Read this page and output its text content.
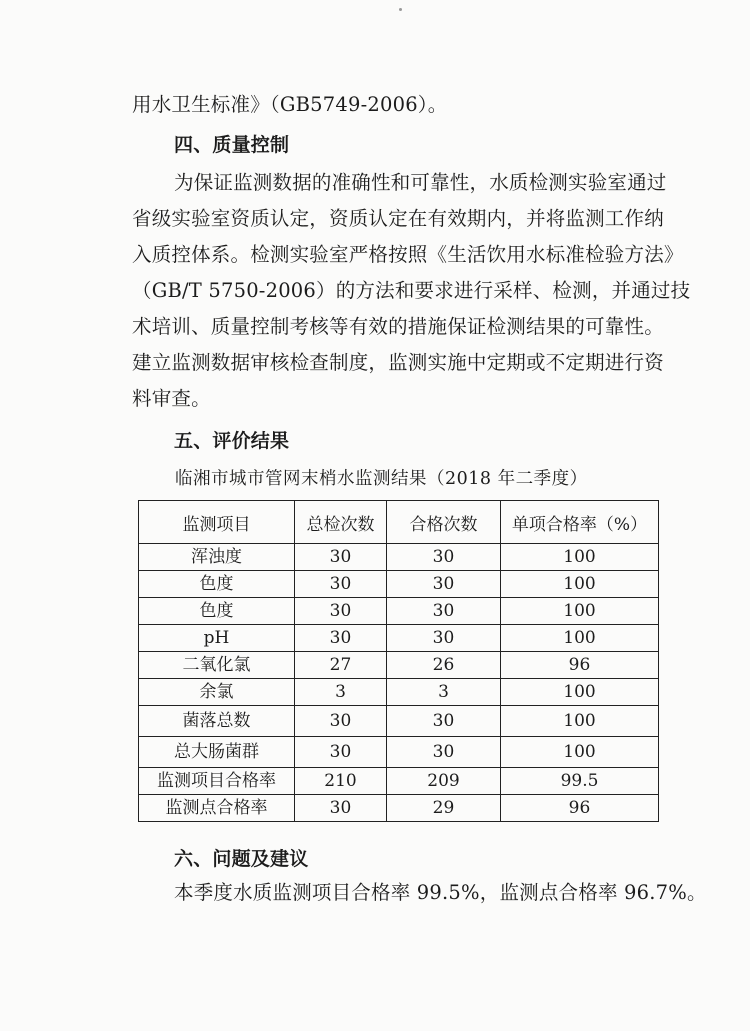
用水卫生标准》（GB5749-2006）。
四、质量控制
为保证监测数据的准确性和可靠性，水质检测实验室通过
省级实验室资质认定，资质认定在有效期内，并将监测工作纳
入质控体系。检测实验室严格按照《生活饮用水标准检验方法》
（GB/T 5750-2006）的方法和要求进行采样、检测，并通过技
术培训、质量控制考核等有效的措施保证检测结果的可靠性。
建立监测数据审核检查制度，监测实施中定期或不定期进行资
料审查。
五、评价结果
临湘市城市管网末梢水监测结果（2018 年二季度）
监测项目	总检次数	合格次数	单项合格率（%）
浑浊度	30	30	100
色度	30	30	100
色度	30	30	100
pH	30	30	100
二氧化氯	27	26	96
余氯	3	3	100
菌落总数	30	30	100
总大肠菌群	30	30	100
监测项目合格率	210	209	99.5
监测点合格率	30	29	96
六、问题及建议
本季度水质监测项目合格率 99.5%，监测点合格率 96.7%。
